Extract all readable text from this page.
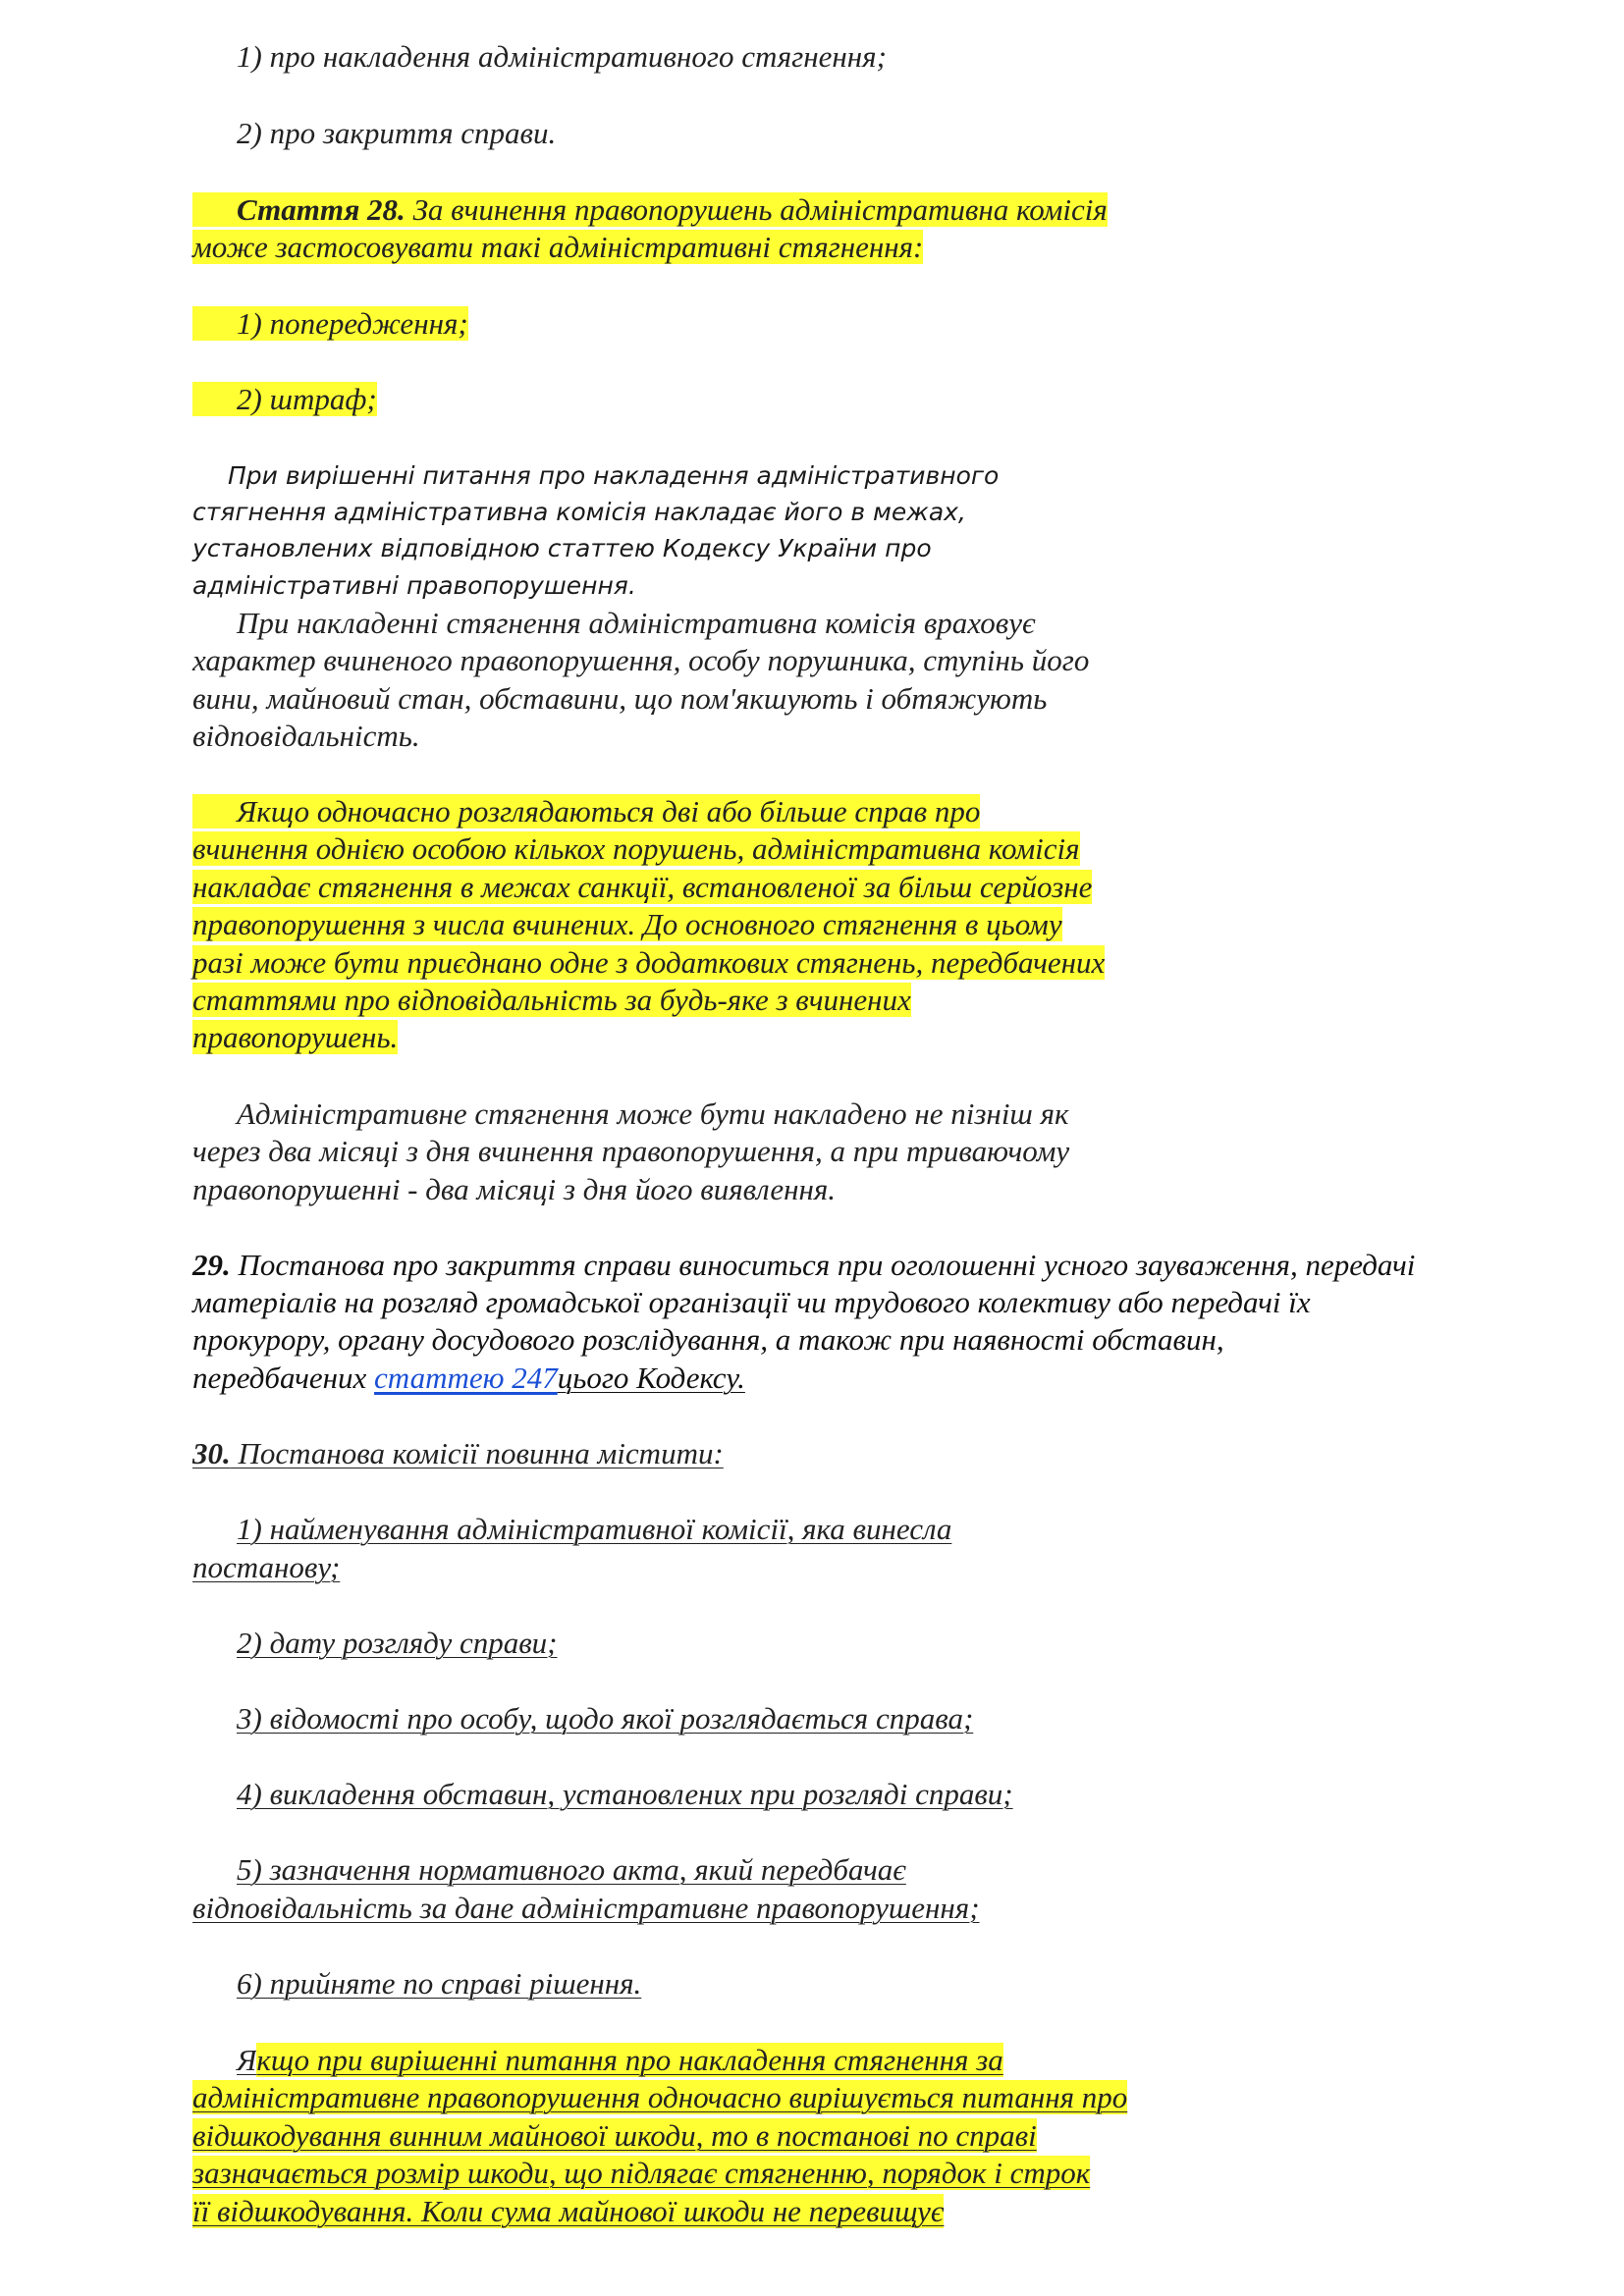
1) про накладення адміністративного стягнення;
2) про закриття справи.
Стаття 28. За вчинення правопорушень адміністративна комісія
може застосовувати такі адміністративні стягнення:
1) попередження;
2) штраф;
При вирішенні питання про накладення адміністративного
стягнення адміністративна комісія накладає його в межах,
установлених відповідною статтею Кодексу України про
адміністративні правопорушення.
При накладенні стягнення адміністративна комісія враховує
характер вчиненого правопорушення, особу порушника, ступінь його
вини, майновий стан, обставини, що пом'якшують і обтяжують
відповідальність.
Якщо одночасно розглядаються дві або більше справ про
вчинення однією особою кількох порушень, адміністративна комісія
накладає стягнення в межах санкції, встановленої за більш серйозне
правопорушення з числа вчинених. До основного стягнення в цьому
разі може бути приєднано одне з додаткових стягнень, передбачених
статтями про відповідальність за будь-яке з вчинених
правопорушень.
Адміністративне стягнення може бути накладено не пізніш як
через два місяці з дня вчинення правопорушення, а при триваючому
правопорушенні - два місяці з дня його виявлення.
29. Постанова про закриття справи виноситься при оголошенні усного зауваження, передачі
матеріалів на розгляд громадської організації чи трудового колективу або передачі їх
прокурору, органу досудового розслідування, а також при наявності обставин,
передбачених статтею 247цього Кодексу.
30. Постанова комісії повинна містити:
1) найменування адміністративної комісії, яка винесла
постанову;
2) дату розгляду справи;
3) відомості про особу, щодо якої розглядається справа;
4) викладення обставин, установлених при розгляді справи;
5) зазначення нормативного акта, який передбачає
відповідальність за дане адміністративне правопорушення;
6) прийняте по справі рішення.
Якщо при вирішенні питання про накладення стягнення за
адміністративне правопорушення одночасно вирішується питання про
відшкодування винним майнової шкоди, то в постанові по справі
зазначається розмір шкоди, що підлягає стягненню, порядок і строк
її відшкодування. Коли сума майнової шкоди не перевищує
